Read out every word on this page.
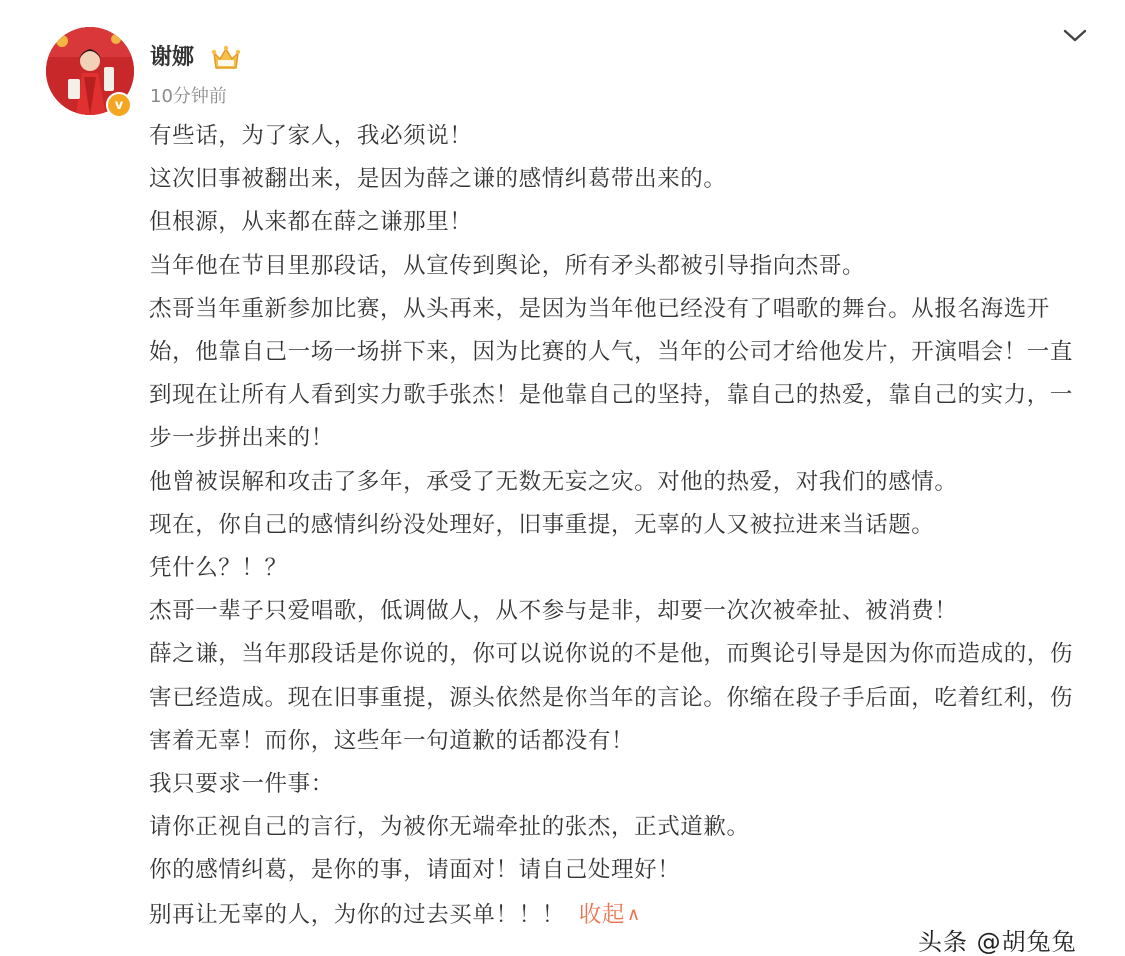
v
谢娜
10分钟前

有些话，为了家人，我必须说！

这次旧事被翻出来，是因为薛之谦的感情纠葛带出来的。

但根源，从来都在薛之谦那里！

当年他在节目里那段话，从宣传到舆论，所有矛头都被引导指向杰哥。

杰哥当年重新参加比赛，从头再来，是因为当年他已经没有了唱歌的舞台。从报名海选开始，他靠自己一场一场拼下来，因为比赛的人气，当年的公司才给他发片，开演唱会！一直到现在让所有人看到实力歌手张杰！是他靠自己的坚持，靠自己的热爱，靠自己的实力，一步一步拼出来的！

他曾被误解和攻击了多年，承受了无数无妄之灾。对他的热爱，对我们的感情。

现在，你自己的感情纠纷没处理好，旧事重提，无辜的人又被拉进来当话题。

凭什么？！？

杰哥一辈子只爱唱歌，低调做人，从不参与是非，却要一次次被牵扯、被消费！

薛之谦，当年那段话是你说的，你可以说你说的不是他，而舆论引导是因为你而造成的，伤害已经造成。现在旧事重提，源头依然是你当年的言论。你缩在段子手后面，吃着红利，伤害着无辜！而你，这些年一句道歉的话都没有！

我只要求一件事：

请你正视自己的言行，为被你无端牵扯的张杰，正式道歉。

你的感情纠葛，是你的事，请面对！请自己处理好！

别再让无辜的人，为你的过去买单！！！ 收起 ∧

头条 @胡兔兔
